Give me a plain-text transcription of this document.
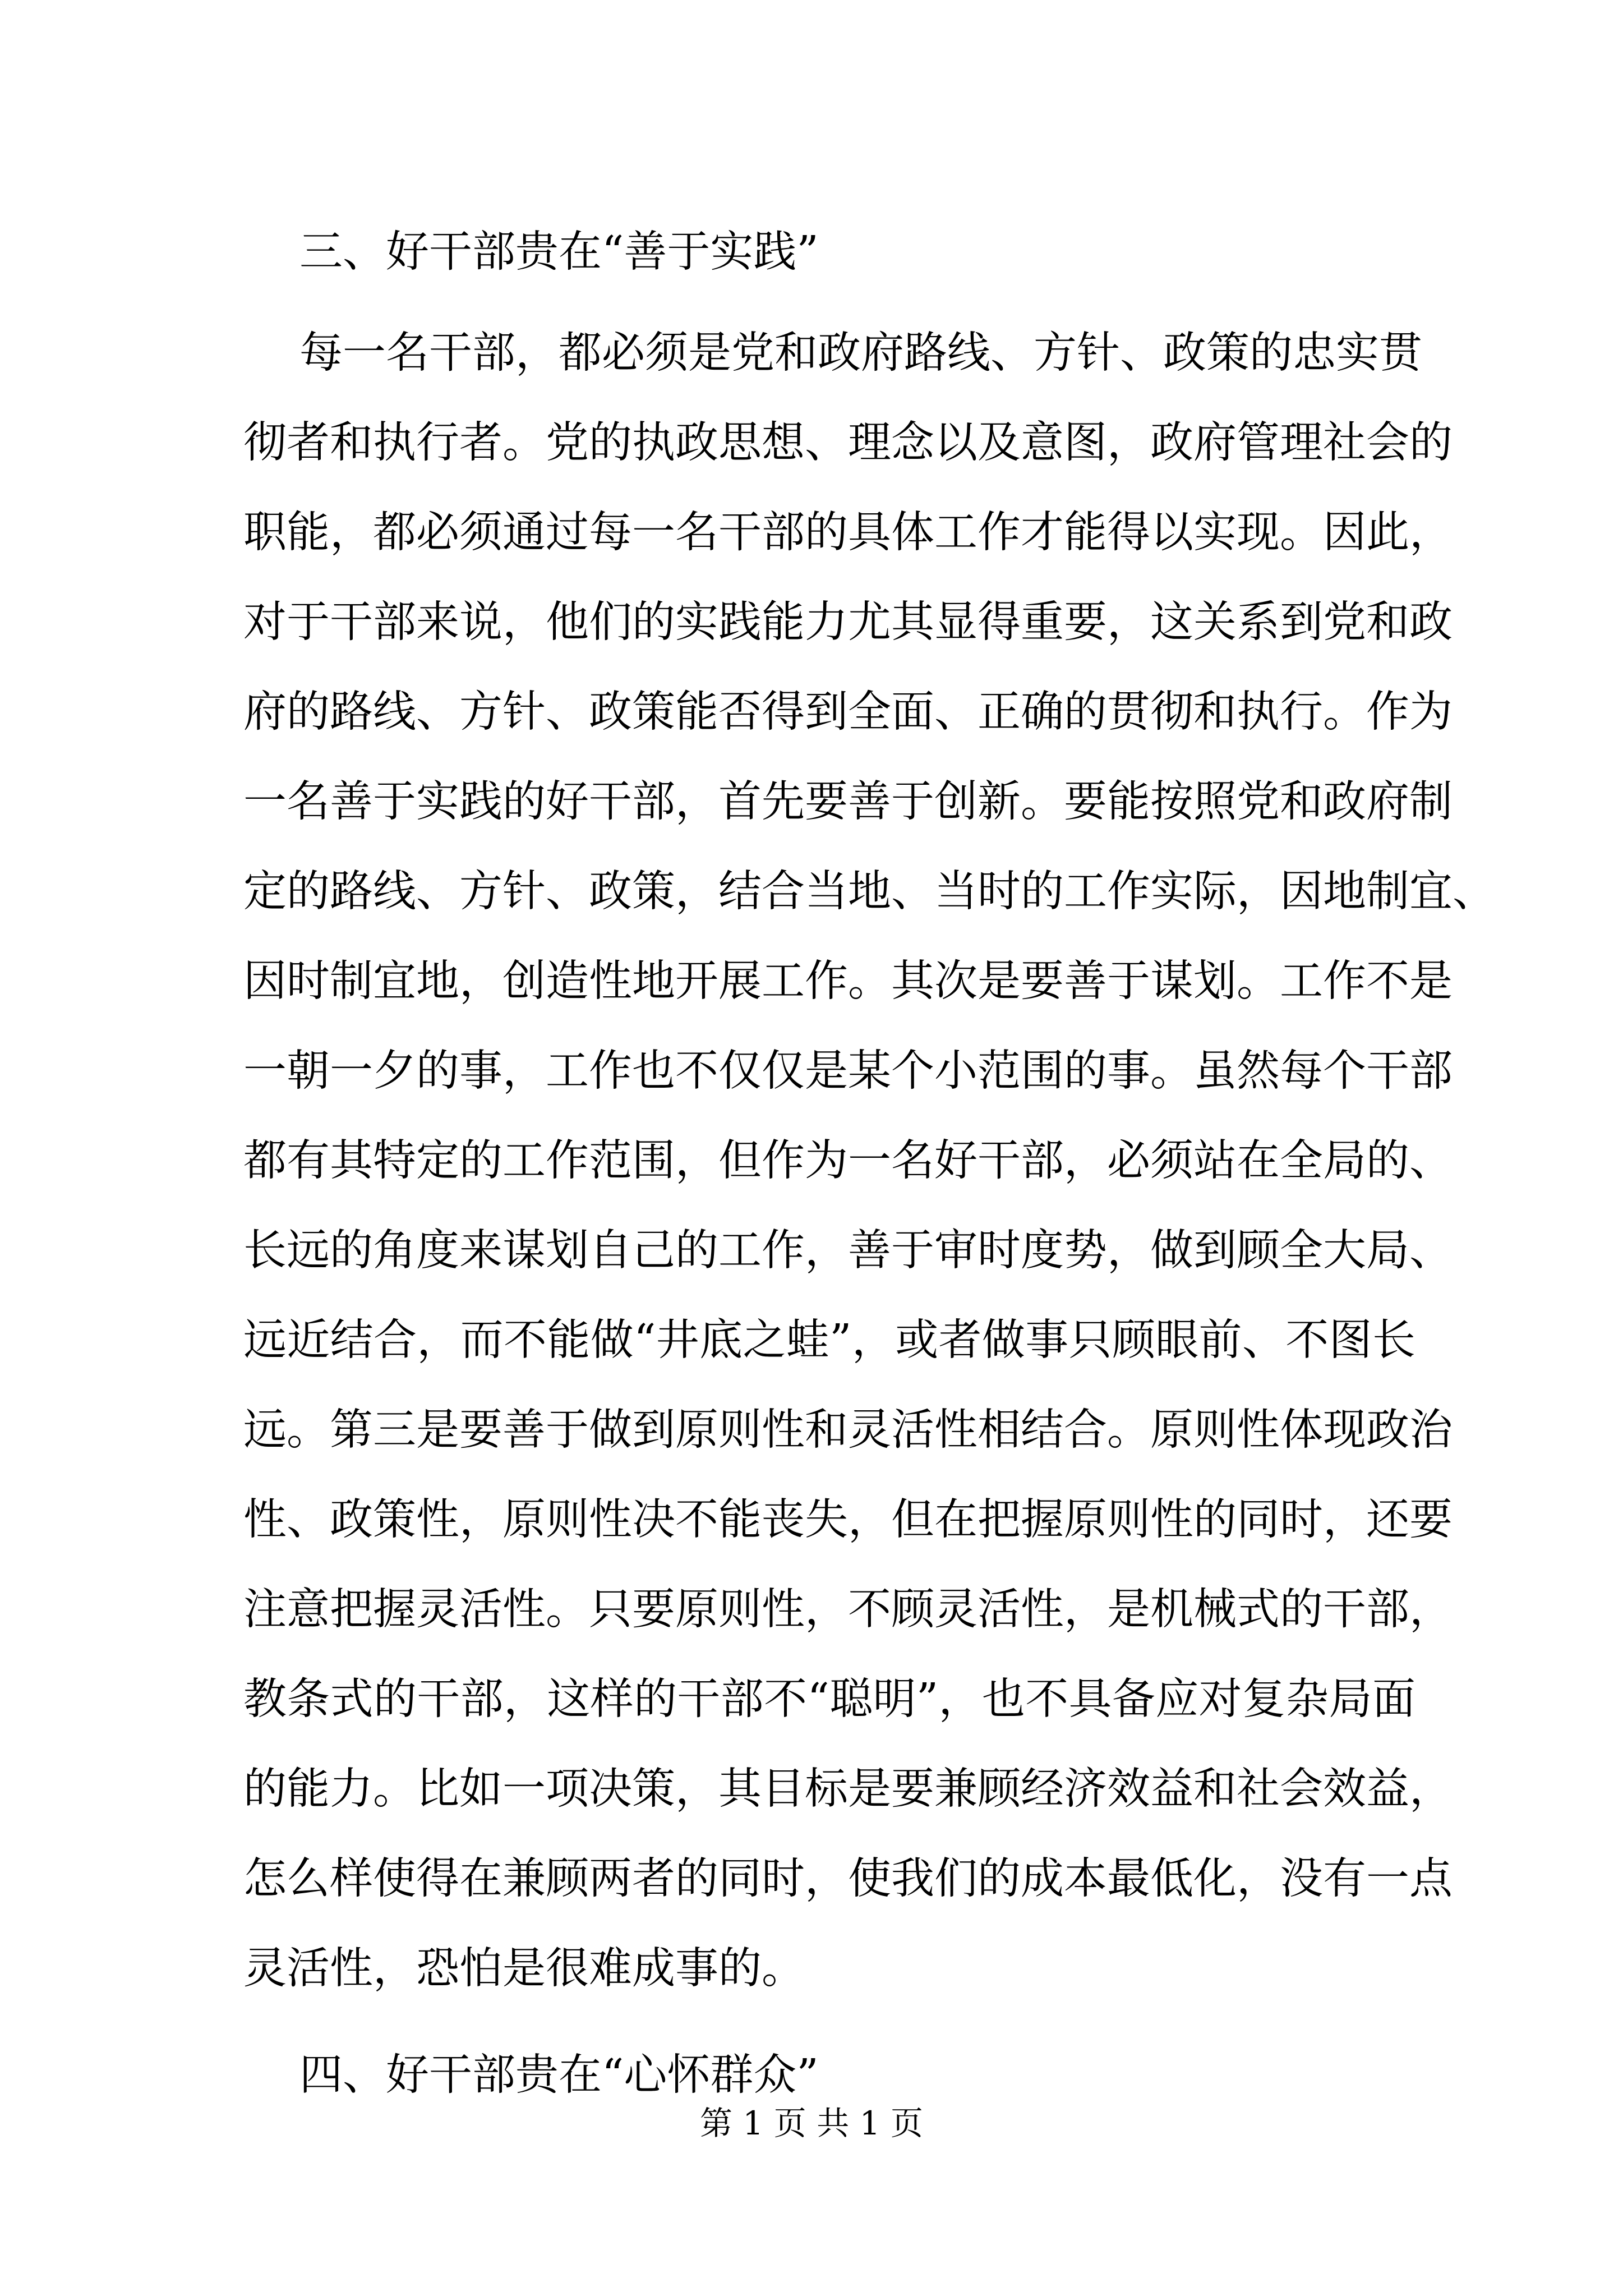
三、好干部贵在“善于实践”
每一名干部，都必须是党和政府路线、方针、政策的忠实贯
彻者和执行者。党的执政思想、理念以及意图，政府管理社会的
职能，都必须通过每一名干部的具体工作才能得以实现。因此，
对于干部来说，他们的实践能力尤其显得重要，这关系到党和政
府的路线、方针、政策能否得到全面、正确的贯彻和执行。作为
一名善于实践的好干部，首先要善于创新。要能按照党和政府制
定的路线、方针、政策，结合当地、当时的工作实际，因地制宜、
因时制宜地，创造性地开展工作。其次是要善于谋划。工作不是
一朝一夕的事，工作也不仅仅是某个小范围的事。虽然每个干部
都有其特定的工作范围，但作为一名好干部，必须站在全局的、
长远的角度来谋划自己的工作，善于审时度势，做到顾全大局、
远近结合，而不能做“井底之蛙”，或者做事只顾眼前、不图长
远。第三是要善于做到原则性和灵活性相结合。原则性体现政治
性、政策性，原则性决不能丧失，但在把握原则性的同时，还要
注意把握灵活性。只要原则性，不顾灵活性，是机械式的干部，
教条式的干部，这样的干部不“聪明”，也不具备应对复杂局面
的能力。比如一项决策，其目标是要兼顾经济效益和社会效益，
怎么样使得在兼顾两者的同时，使我们的成本最低化，没有一点
灵活性，恐怕是很难成事的。
第 1 页 共 1 页
四、好干部贵在“心怀群众”
